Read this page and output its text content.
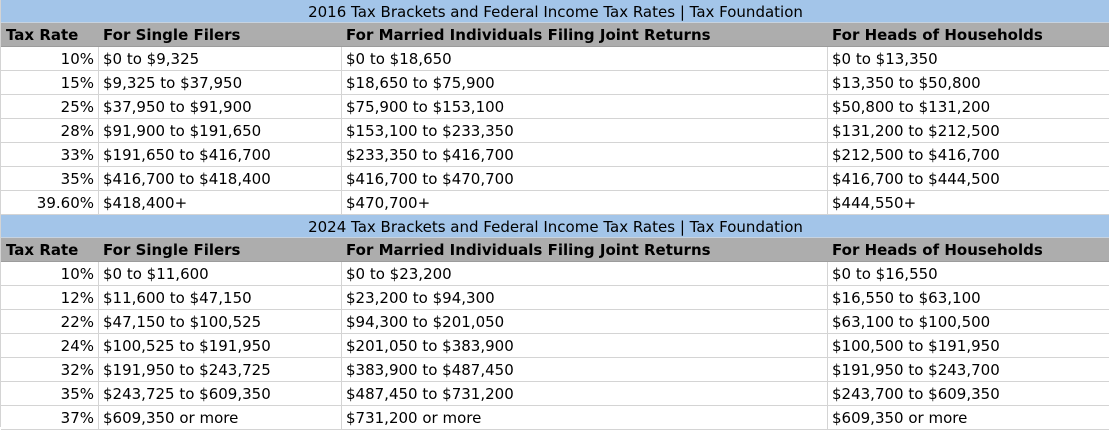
2016 Tax Brackets and Federal Income Tax Rates | Tax Foundation
Tax Rate	For Single Filers	For Married Individuals Filing Joint Returns	For Heads of Households
10% $0 to $9,325	$0 to $18,650	$0 to $13,350
15% $9,325 to $37,950	$18,650 to $75,900	$13,350 to $50,800
25% $37,950 to $91,900	$75,900 to $153,100	$50,800 to $131,200
28% $91,900 to $191,650	$153,100 to $233,350	$131,200 to $212,500
33% $191,650 to $416,700	$233,350 to $416,700	$212,500 to $416,700
35% $416,700 to $418,400	$416,700 to $470,700	$416,700 to $444,500
39.60% $418,400+	$470,700+	$444,550+
2024 Tax Brackets and Federal Income Tax Rates | Tax Foundation
Tax Rate	For Single Filers	For Married Individuals Filing Joint Returns	For Heads of Households
10% $0 to $11,600	$0 to $23,200	$0 to $16,550
12% $11,600 to $47,150	$23,200 to $94,300	$16,550 to $63,100
22% $47,150 to $100,525	$94,300 to $201,050	$63,100 to $100,500
24% $100,525 to $191,950	$201,050 to $383,900	$100,500 to $191,950
32% $191,950 to $243,725	$383,900 to $487,450	$191,950 to $243,700
35% $243,725 to $609,350	$487,450 to $731,200	$243,700 to $609,350
37% $609,350 or more	$731,200 or more	$609,350 or more
